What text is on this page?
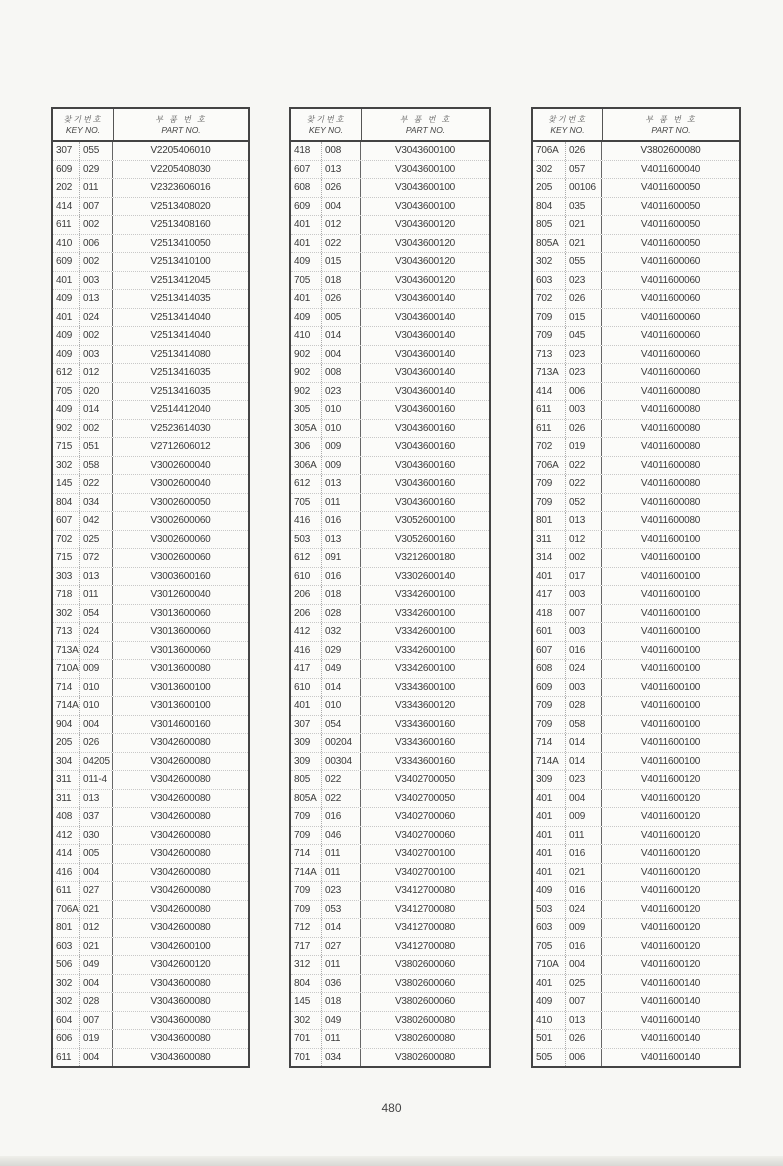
찾기번호
KEY NO.
부 품 번 호
PART NO.
307	055	V2205406010
609	029	V2205408030
202	011	V2323606016
414	007	V2513408020
611	002	V2513408160
410	006	V2513410050
609	002	V2513410100
401	003	V2513412045
409	013	V2513414035
401	024	V2513414040
409	002	V2513414040
409	003	V2513414080
612	012	V2513416035
705	020	V2513416035
409	014	V2514412040
902	002	V2523614030
715	051	V2712606012
302	058	V3002600040
145	022	V3002600040
804	034	V3002600050
607	042	V3002600060
702	025	V3002600060
715	072	V3002600060
303	013	V3003600160
718	011	V3012600040
302	054	V3013600060
713	024	V3013600060
713A 024	V3013600060
710A 009	V3013600080
714	010	V3013600100
714A 010	V3013600100
904	004	V3014600160
205	026	V3042600080
304	04205	V3042600080
311	011-4	V3042600080
311	013	V3042600080
408	037	V3042600080
412	030	V3042600080
414	005	V3042600080
416	004	V3042600080
611	027	V3042600080
706A 021	V3042600080
801	012	V3042600080
603	021	V3042600100
506	049	V3042600120
302	004	V3043600080
302	028	V3043600080
604	007	V3043600080
606	019	V3043600080
611	004	V3043600080
찾기번호
KEY NO.
부 품 번 호
PART NO.
418	008	V3043600100
607	013	V3043600100
608	026	V3043600100
609	004	V3043600100
401	012	V3043600120
401	022	V3043600120
409	015	V3043600120
705	018	V3043600120
401	026	V3043600140
409	005	V3043600140
410	014	V3043600140
902	004	V3043600140
902	008	V3043600140
902	023	V3043600140
305	010	V3043600160
305A 010	V3043600160
306	009	V3043600160
306A 009	V3043600160
612	013	V3043600160
705	011	V3043600160
416	016	V3052600100
503	013	V3052600160
612	091	V3212600180
610	016	V3302600140
206	018	V3342600100
206	028	V3342600100
412	032	V3342600100
416	029	V3342600100
417	049	V3342600100
610	014	V3343600100
401	010	V3343600120
307	054	V3343600160
309	00204	V3343600160
309	00304	V3343600160
805	022	V3402700050
805A 022	V3402700050
709	016	V3402700060
709	046	V3402700060
714	011	V3402700100
714A 011	V3402700100
709	023	V3412700080
709	053	V3412700080
712	014	V3412700080
717	027	V3412700080
312	011	V3802600060
804	036	V3802600060
145	018	V3802600060
302	049	V3802600080
701	011	V3802600080
701	034	V3802600080
찾기번호
KEY NO.
부 품 번 호
PART NO.
706A	026	V3802600080
302	057	V4011600040
205	00106	V4011600050
804	035	V4011600050
805	021	V4011600050
805A	021	V4011600050
302	055	V4011600060
603	023	V4011600060
702	026	V4011600060
709	015	V4011600060
709	045	V4011600060
713	023	V4011600060
713A	023	V4011600060
414	006	V4011600080
611	003	V4011600080
611	026	V4011600080
702	019	V4011600080
706A	022	V4011600080
709	022	V4011600080
709	052	V4011600080
801	013	V4011600080
311	012	V4011600100
314	002	V4011600100
401	017	V4011600100
417	003	V4011600100
418	007	V4011600100
601	003	V4011600100
607	016	V4011600100
608	024	V4011600100
609	003	V4011600100
709	028	V4011600100
709	058	V4011600100
714	014	V4011600100
714A	014	V4011600100
309	023	V4011600120
401	004	V4011600120
401	009	V4011600120
401	011	V4011600120
401	016	V4011600120
401	021	V4011600120
409	016	V4011600120
503	024	V4011600120
603	009	V4011600120
705	016	V4011600120
710A	004	V4011600120
401	025	V4011600140
409	007	V4011600140
410	013	V4011600140
501	026	V4011600140
505	006	V4011600140
480
